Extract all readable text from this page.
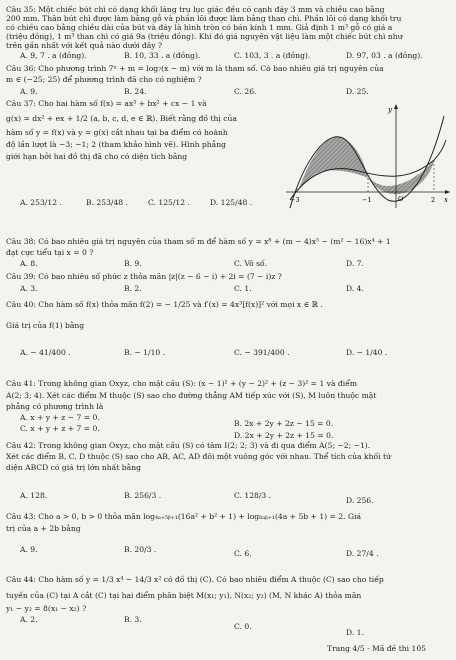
Câu 35: Một chiếc bút chì có dạng khối lăng trụ lục giác đều có cạnh đáy 3 mm và chiều cao bằng
200 mm. Thân bút chì được làm bằng gỗ và phần lõi được làm bằng than chì. Phần lõi có dạng khối trụ
có chiều cao bằng chiều dài của bút và đáy là hình tròn có bán kính 1 mm. Giả định 1 m³ gỗ có giá a
(triệu đồng), 1 m³ than chì có giá 9a (triệu đồng). Khi đó giá nguyên vật liệu làm một chiếc bút chì như
trên gần nhất với kết quả nào dưới đây ?
A. 9, 7 . a (đồng).	B. 10, 33 . a (đồng).	C. 103, 3 . a (đồng).	D. 97, 03 . a (đồng).
Câu 36: Cho phương trình 7ˣ + m = log₇(x − m) với m là tham số. Có bao nhiêu giá trị nguyên của
m ∈ (−25; 25) để phương trình đã cho có nghiệm ?
A. 9.	B. 24.	C. 26.	D. 25.
Câu 37: Cho hai hàm số f(x) = ax³ + bx² + cx − 1 và
g(x) = dx² + ex + 1/2 (a, b, c, d, e ∈ ℝ). Biết rằng đồ thị của
hàm số y = f(x) và y = g(x) cắt nhau tại ba điểm có hoành
độ lần lượt là −3; −1; 2 (tham khảo hình vẽ). Hình phẳng
giới hạn bởi hai đồ thị đã cho có diện tích bằng
A. 253/12 .	B. 253/48 .	C. 125/12 .	D. 125/48 .
y
x
O
−3	−1	2
Câu 38: Có bao nhiêu giá trị nguyên của tham số m để hàm số y = x⁸ + (m − 4)x⁵ − (m² − 16)x⁴ + 1
đạt cực tiểu tại x = 0 ?
A. 8.	B. 9.	C. Vô số.	D. 7.
Câu 39: Có bao nhiêu số phức z thỏa mãn |z|(z − 6 − i) + 2i = (7 − i)z ?
A. 3.	B. 2.	C. 1.	D. 4.
Câu 40: Cho hàm số f(x) thỏa mãn f(2) = − 1/25 và f′(x) = 4x³[f(x)]² với mọi x ∈ ℝ .
Giá trị của f(1) bằng
A. − 41/400 .	B. − 1/10 .	C. − 391/400 .	D. − 1/40 .
Câu 41: Trong không gian Oxyz, cho mặt cầu (S): (x − 1)² + (y − 2)² + (z − 3)² = 1 và điểm
A(2; 3; 4). Xét các điểm M thuộc (S) sao cho đường thẳng AM tiếp xúc với (S), M luôn thuộc mặt
phẳng có phương trình là
A. x + y + z − 7 = 0.
B. 2x + 2y + 2z − 15 = 0.
C. x + y + z + 7 = 0.
D. 2x + 2y + 2z + 15 = 0.
Câu 42: Trong không gian Oxyz, cho mặt cầu (S) có tâm I(2; 2; 3) và đi qua điểm A(5; −2; −1).
Xét các điểm B, C, D thuộc (S) sao cho AB, AC, AD đôi một vuông góc với nhau. Thể tích của khối tứ
diện ABCD có giá trị lớn nhất bằng
A. 128.	B. 256/3 .	C. 128/3 .
D. 256.
Câu 43: Cho a > 0, b > 0 thỏa mãn log₄ₐ₊₅ᵦ₊₁(16a² + b² + 1) + log₈ₐᵦ₊₁(4a + 5b + 1) = 2. Giá
trị của a + 2b bằng
A. 9.	B. 20/3 .	C. 6.	D. 27/4 .
Câu 44: Cho hàm số y = 1/3 x⁴ − 14/3 x² có đồ thị (C). Có bao nhiêu điểm A thuộc (C) sao cho tiếp
tuyến của (C) tại A cắt (C) tại hai điểm phân biệt M(x₁; y₁), N(x₂; y₂) (M, N khác A) thỏa mãn
y₁ − y₂ = 8(x₁ − x₂) ?
A. 2.	B. 3.
C. 0.
D. 1.
Trang 4/5 - Mã đề thi 105
